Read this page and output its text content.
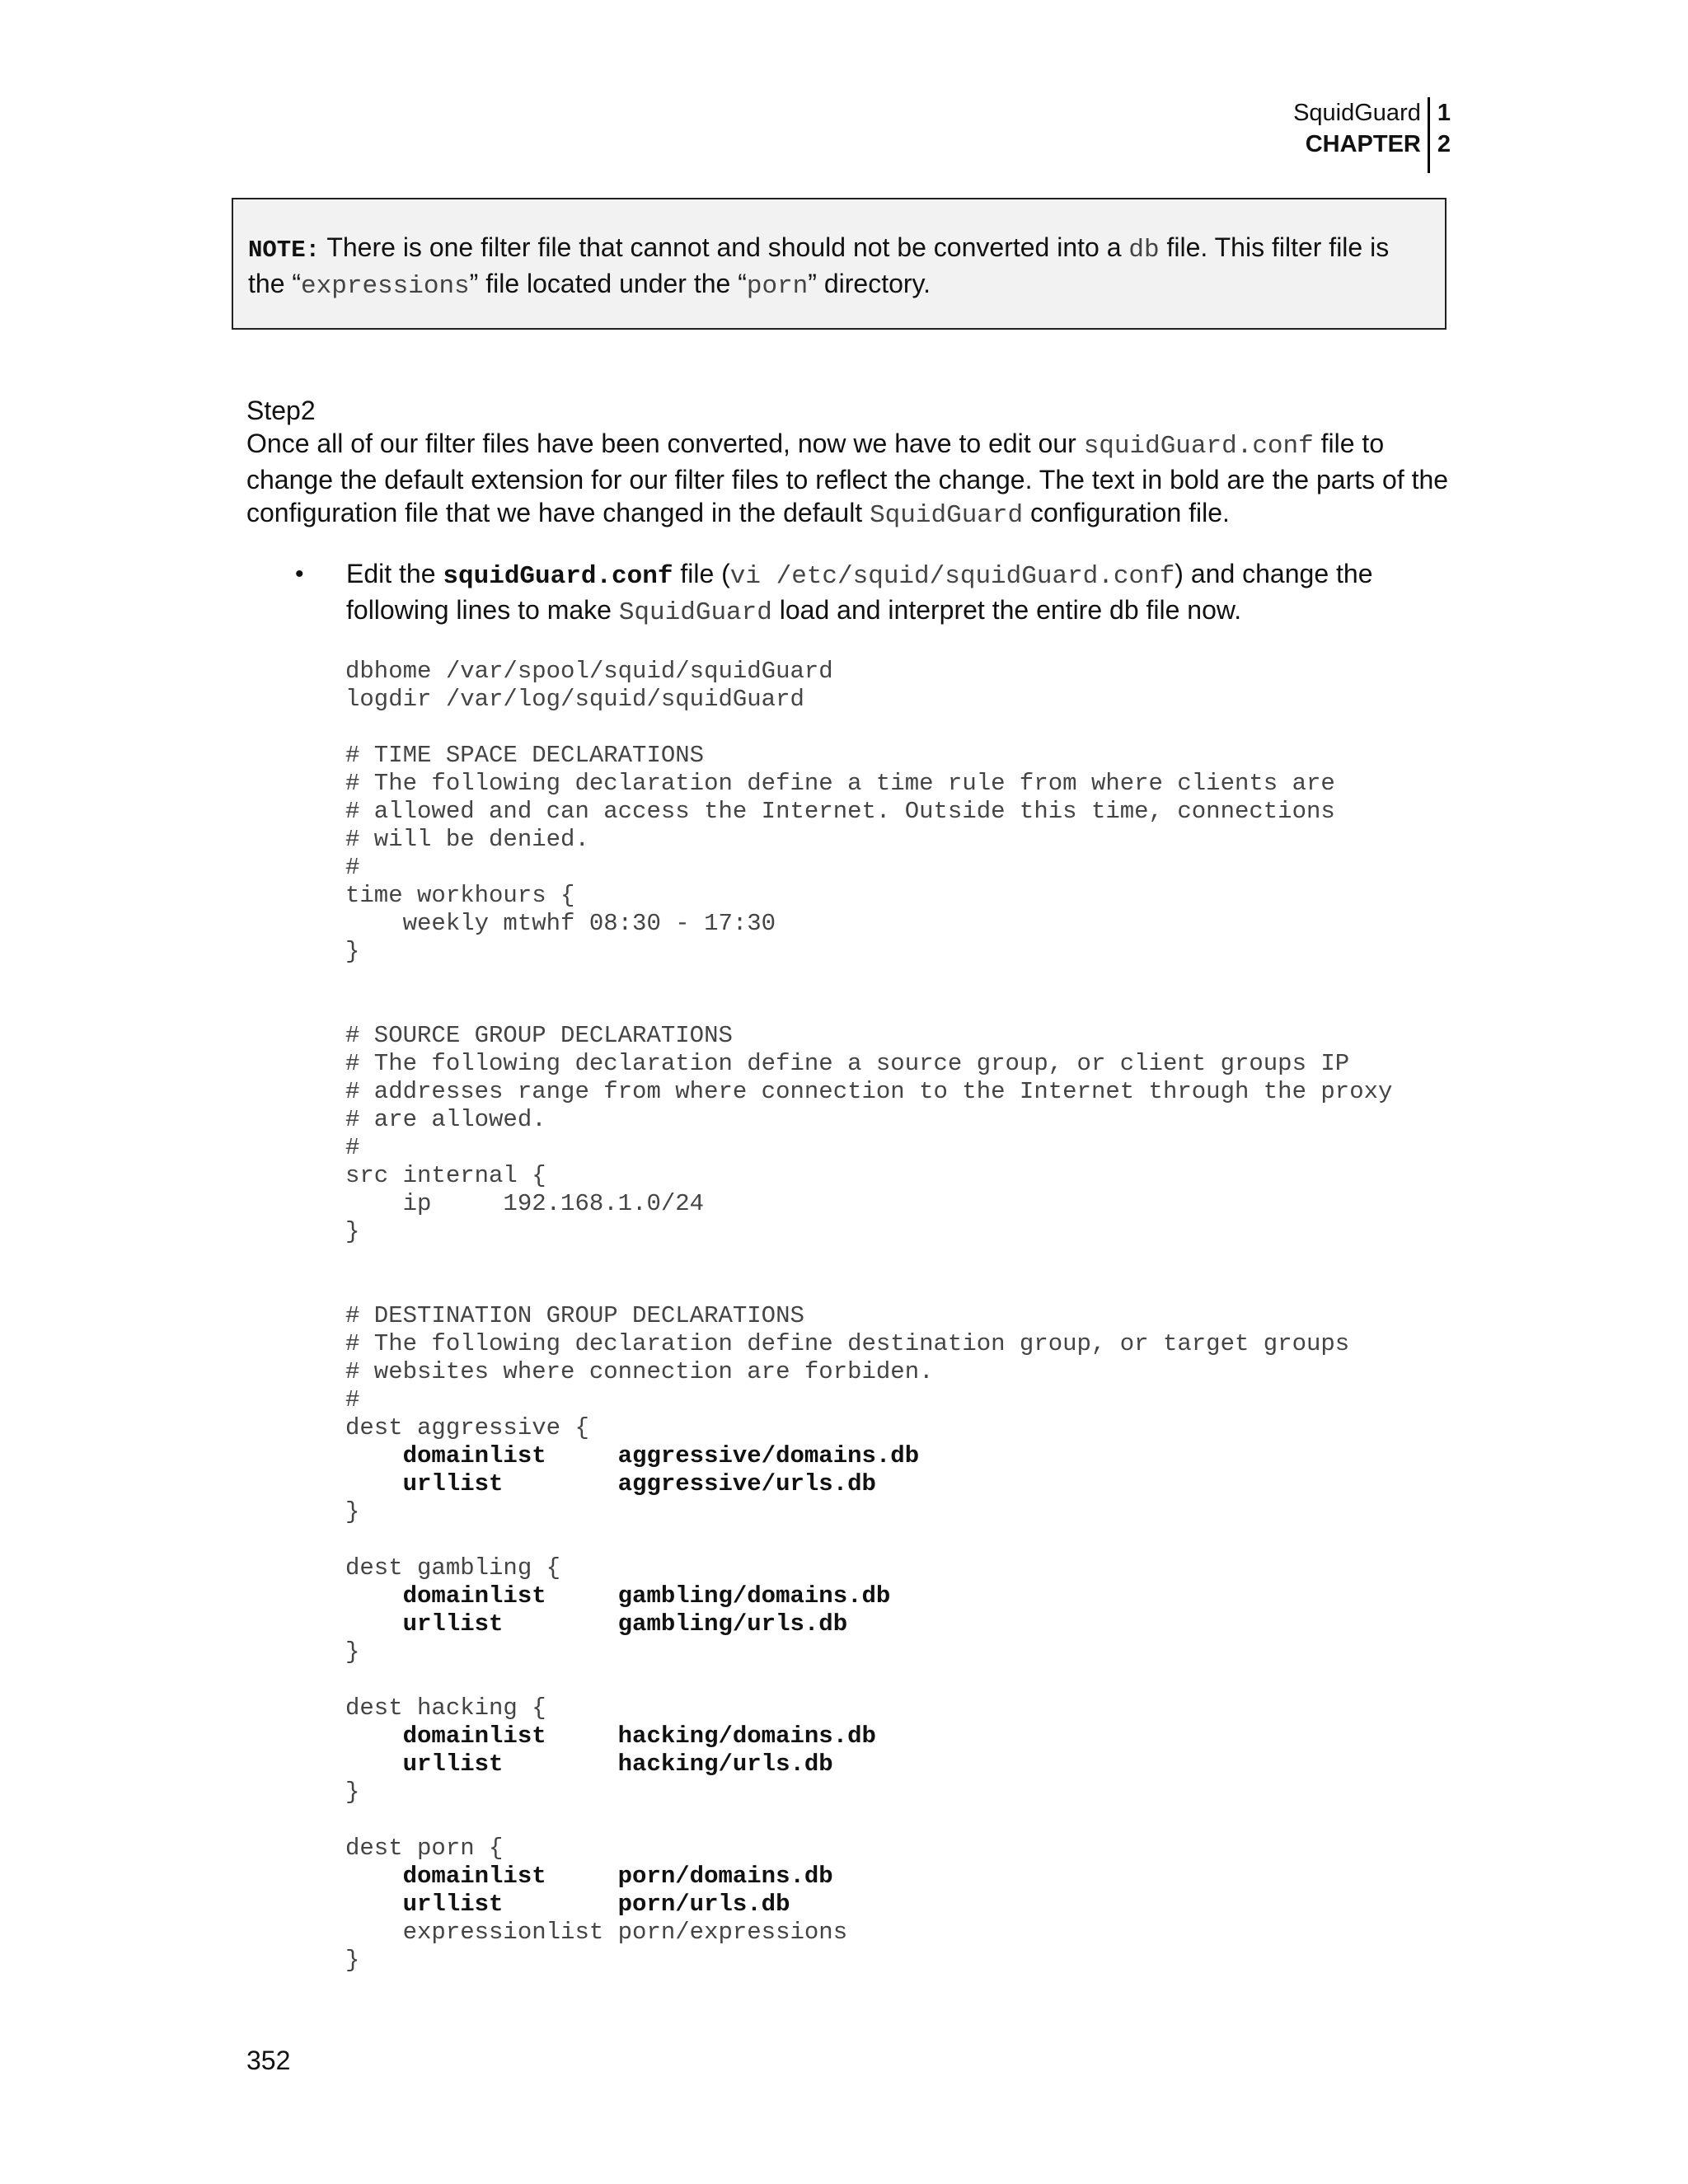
SquidGuard
CHAPTER
1
2
NOTE: There is one filter file that cannot and should not be converted into a db file. This filter file is the “expressions” file located under the “porn” directory.

Step2

Once all of our filter files have been converted, now we have to edit our squidGuard.conf file to change the default extension for our filter files to reflect the change. The text in bold are the parts of the configuration file that we have changed in the default SquidGuard configuration file.

• Edit the squidGuard.conf file (vi /etc/squid/squidGuard.conf) and change the following lines to make SquidGuard load and interpret the entire db file now.
dbhome /var/spool/squid/squidGuard
logdir /var/log/squid/squidGuard
# TIME SPACE DECLARATIONS
# The following declaration define a time rule from where clients are
# allowed and can access the Internet. Outside this time, connections
# will be denied.
#
time workhours {
weekly mtwhf 08:30 - 17:30
}
# SOURCE GROUP DECLARATIONS
# The following declaration define a source group, or client groups IP
# addresses range from where connection to the Internet through the proxy
# are allowed.
#
src internal {
ip     192.168.1.0/24
}
# DESTINATION GROUP DECLARATIONS
# The following declaration define destination group, or target groups
# websites where connection are forbiden.
#
dest aggressive {
domainlist     aggressive/domains.db
urllist        aggressive/urls.db
}
dest gambling {
domainlist     gambling/domains.db
urllist        gambling/urls.db
}
dest hacking {
domainlist     hacking/domains.db
urllist        hacking/urls.db
}
dest porn {
domainlist     porn/domains.db
urllist        porn/urls.db
expressionlist porn/expressions
}
352
